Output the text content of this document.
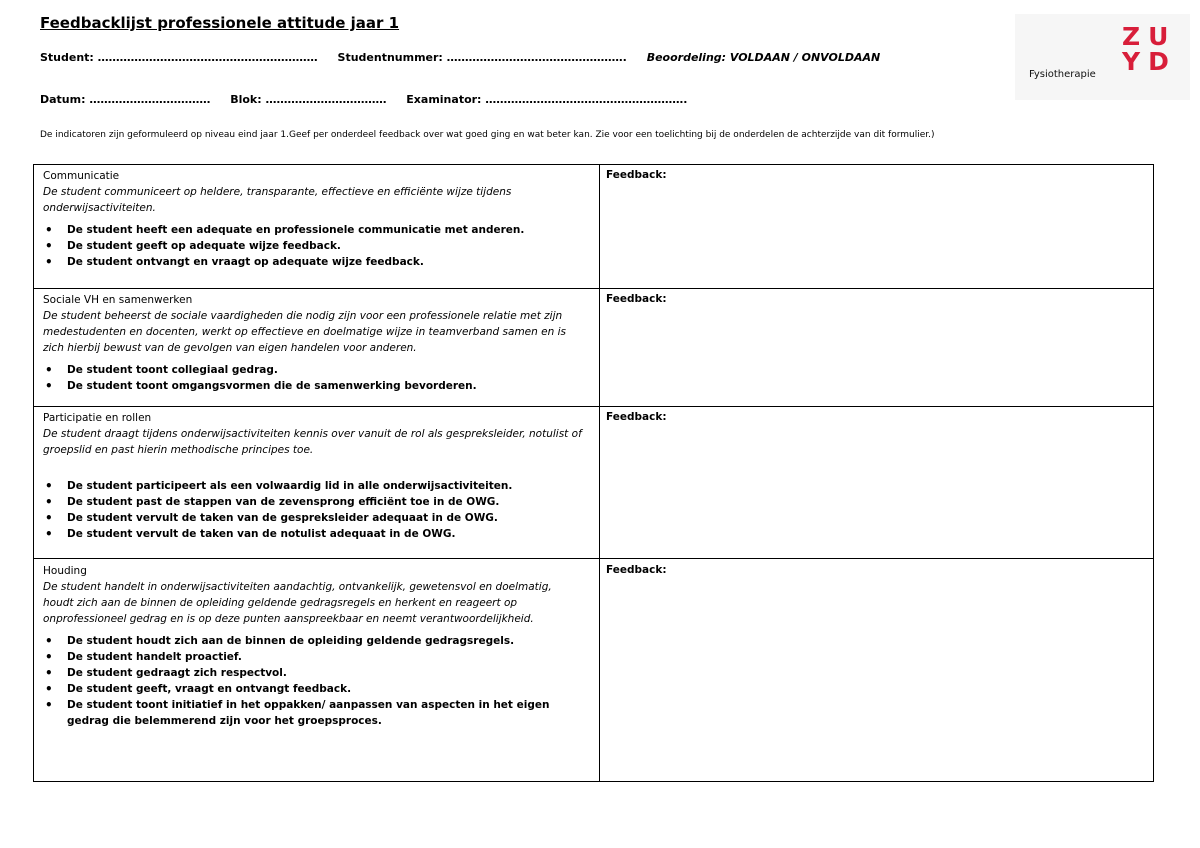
Feedbacklijst professionele attitude jaar 1
Fysiotherapie
ZU
YD
Student: …………………………………………………… Studentnummer: …………………………………………. Beoordeling: VOLDAAN / ONVOLDAAN
Datum: …………………………… Blok: …………………………… Examinator: ……………………………………………….
De indicatoren zijn geformuleerd op niveau eind jaar 1.Geef per onderdeel feedback over wat goed ging en wat beter kan. Zie voor een toelichting bij de onderdelen de achterzijde van dit formulier.)
Communicatie
De student communiceert op heldere, transparante, effectieve en efficiënte wijze tijdens onderwijsactiviteiten.
• De student heeft een adequate en professionele communicatie met anderen.
• De student geeft op adequate wijze feedback.
• De student ontvangt en vraagt op adequate wijze feedback.
Feedback:
Sociale VH en samenwerken
De student beheerst de sociale vaardigheden die nodig zijn voor een professionele relatie met zijn medestudenten en docenten, werkt op effectieve en doelmatige wijze in teamverband samen en is zich hierbij bewust van de gevolgen van eigen handelen voor anderen.
• De student toont collegiaal gedrag.
• De student toont omgangsvormen die de samenwerking bevorderen.
Feedback:
Participatie en rollen
De student draagt tijdens onderwijsactiviteiten kennis over vanuit de rol als gespreksleider, notulist of groepslid en past hierin methodische principes toe.
• De student participeert als een volwaardig lid in alle onderwijsactiviteiten.
• De student past de stappen van de zevensprong efficiënt toe in de OWG.
• De student vervult de taken van de gespreksleider adequaat in de OWG.
• De student vervult de taken van de notulist adequaat in de OWG.
Feedback:
Houding
De student handelt in onderwijsactiviteiten aandachtig, ontvankelijk, gewetensvol en doelmatig, houdt zich aan de binnen de opleiding geldende gedragsregels en herkent en reageert op onprofessioneel gedrag en is op deze punten aanspreekbaar en neemt verantwoordelijkheid.
• De student houdt zich aan de binnen de opleiding geldende gedragsregels.
• De student handelt proactief.
• De student gedraagt zich respectvol.
• De student geeft, vraagt en ontvangt feedback.
• De student toont initiatief in het oppakken/ aanpassen van aspecten in het eigen gedrag die belemmerend zijn voor het groepsproces.
Feedback:
